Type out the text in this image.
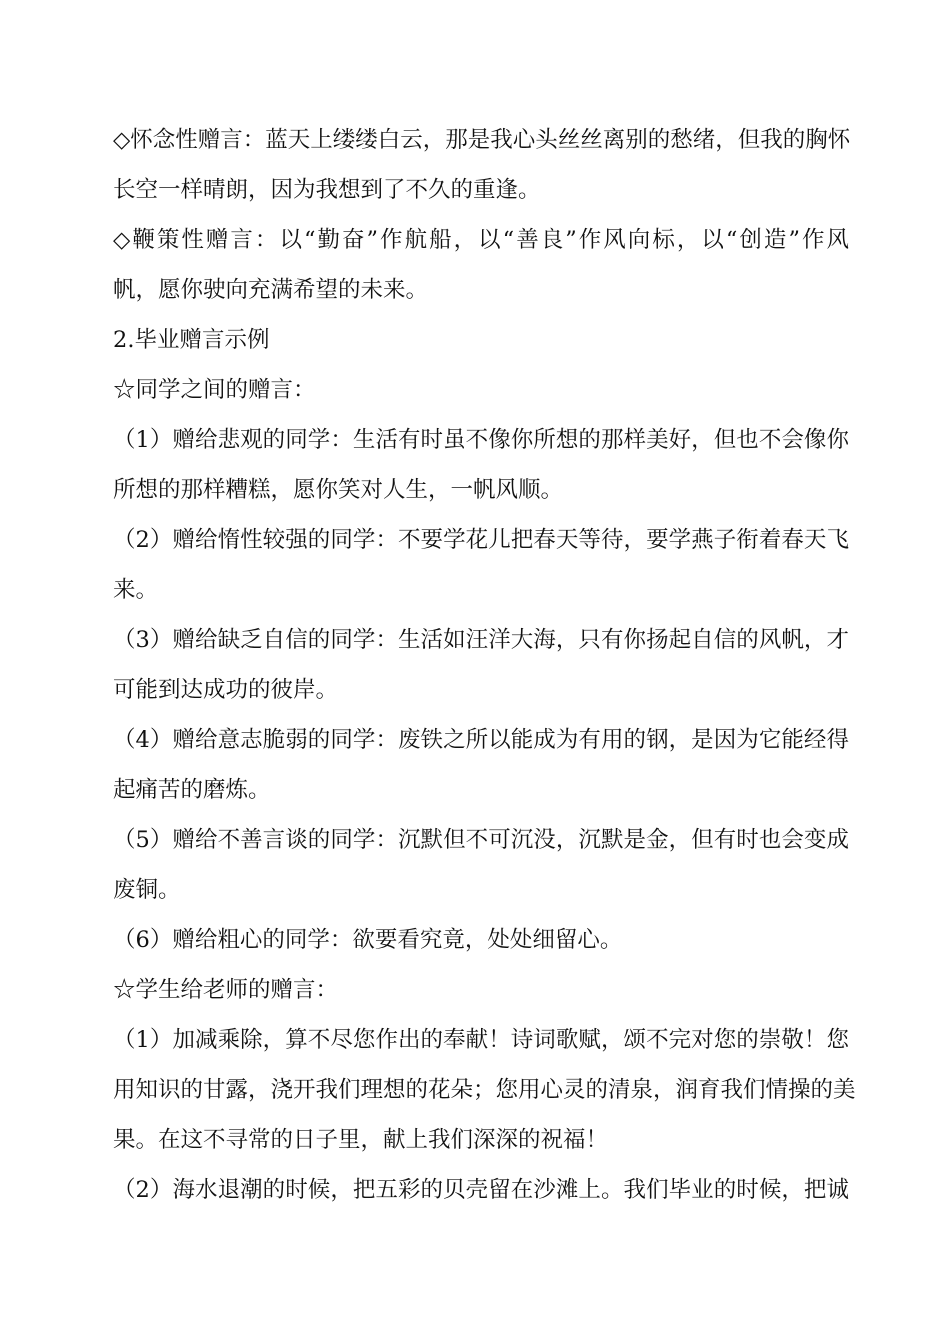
◇怀念性赠言：蓝天上缕缕白云，那是我心头丝丝离别的愁绪，但我的胸怀
长空一样晴朗，因为我想到了不久的重逢。
◇鞭策性赠言：以“勤奋”作航船，以“善良”作风向标，以“创造”作风
帆，愿你驶向充满希望的未来。
2.毕业赠言示例
☆同学之间的赠言：
（1）赠给悲观的同学：生活有时虽不像你所想的那样美好，但也不会像你
所想的那样糟糕，愿你笑对人生，一帆风顺。
（2）赠给惰性较强的同学：不要学花儿把春天等待，要学燕子衔着春天飞
来。
（3）赠给缺乏自信的同学：生活如汪洋大海，只有你扬起自信的风帆，才
可能到达成功的彼岸。
（4）赠给意志脆弱的同学：废铁之所以能成为有用的钢，是因为它能经得
起痛苦的磨炼。
（5）赠给不善言谈的同学：沉默但不可沉没，沉默是金，但有时也会变成
废铜。
（6）赠给粗心的同学：欲要看究竟，处处细留心。
☆学生给老师的赠言：
（1）加减乘除，算不尽您作出的奉献！诗词歌赋，颂不完对您的崇敬！您
用知识的甘露，浇开我们理想的花朵；您用心灵的清泉，润育我们情操的美
果。在这不寻常的日子里，献上我们深深的祝福！
（2）海水退潮的时候，把五彩的贝壳留在沙滩上。我们毕业的时候，把诚
